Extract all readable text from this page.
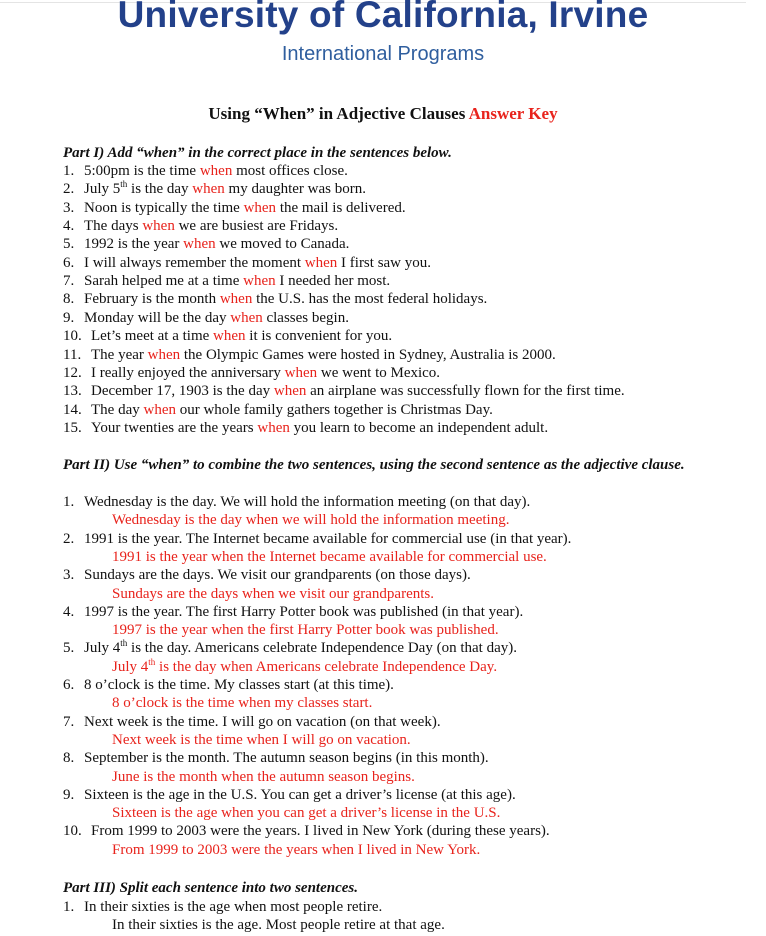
University of California, Irvine
International Programs
Using “When” in Adjective Clauses Answer Key
Part I) Add “when” in the correct place in the sentences below.
1. 5:00pm is the time when most offices close.
2. July 5th is the day when my daughter was born.
3. Noon is typically the time when the mail is delivered.
4. The days when we are busiest are Fridays.
5. 1992 is the year when we moved to Canada.
6. I will always remember the moment when I first saw you.
7. Sarah helped me at a time when I needed her most.
8. February is the month when the U.S. has the most federal holidays.
9. Monday will be the day when classes begin.
10. Let’s meet at a time when it is convenient for you.
11. The year when the Olympic Games were hosted in Sydney, Australia is 2000.
12. I really enjoyed the anniversary when we went to Mexico.
13. December 17, 1903 is the day when an airplane was successfully flown for the first time.
14. The day when our whole family gathers together is Christmas Day.
15. Your twenties are the years when you learn to become an independent adult.
Part II) Use “when” to combine the two sentences, using the second sentence as the adjective clause.
1. Wednesday is the day. We will hold the information meeting (on that day).
Wednesday is the day when we will hold the information meeting.
2. 1991 is the year. The Internet became available for commercial use (in that year).
1991 is the year when the Internet became available for commercial use.
3. Sundays are the days. We visit our grandparents (on those days).
Sundays are the days when we visit our grandparents.
4. 1997 is the year. The first Harry Potter book was published (in that year).
1997 is the year when the first Harry Potter book was published.
5. July 4th is the day. Americans celebrate Independence Day (on that day).
July 4th is the day when Americans celebrate Independence Day.
6. 8 o’clock is the time. My classes start (at this time).
8 o’clock is the time when my classes start.
7. Next week is the time. I will go on vacation (on that week).
Next week is the time when I will go on vacation.
8. September is the month. The autumn season begins (in this month).
June is the month when the autumn season begins.
9. Sixteen is the age in the U.S. You can get a driver’s license (at this age).
Sixteen is the age when you can get a driver’s license in the U.S.
10. From 1999 to 2003 were the years. I lived in New York (during these years).
From 1999 to 2003 were the years when I lived in New York.
Part III) Split each sentence into two sentences.
1. In their sixties is the age when most people retire.
In their sixties is the age. Most people retire at that age.
